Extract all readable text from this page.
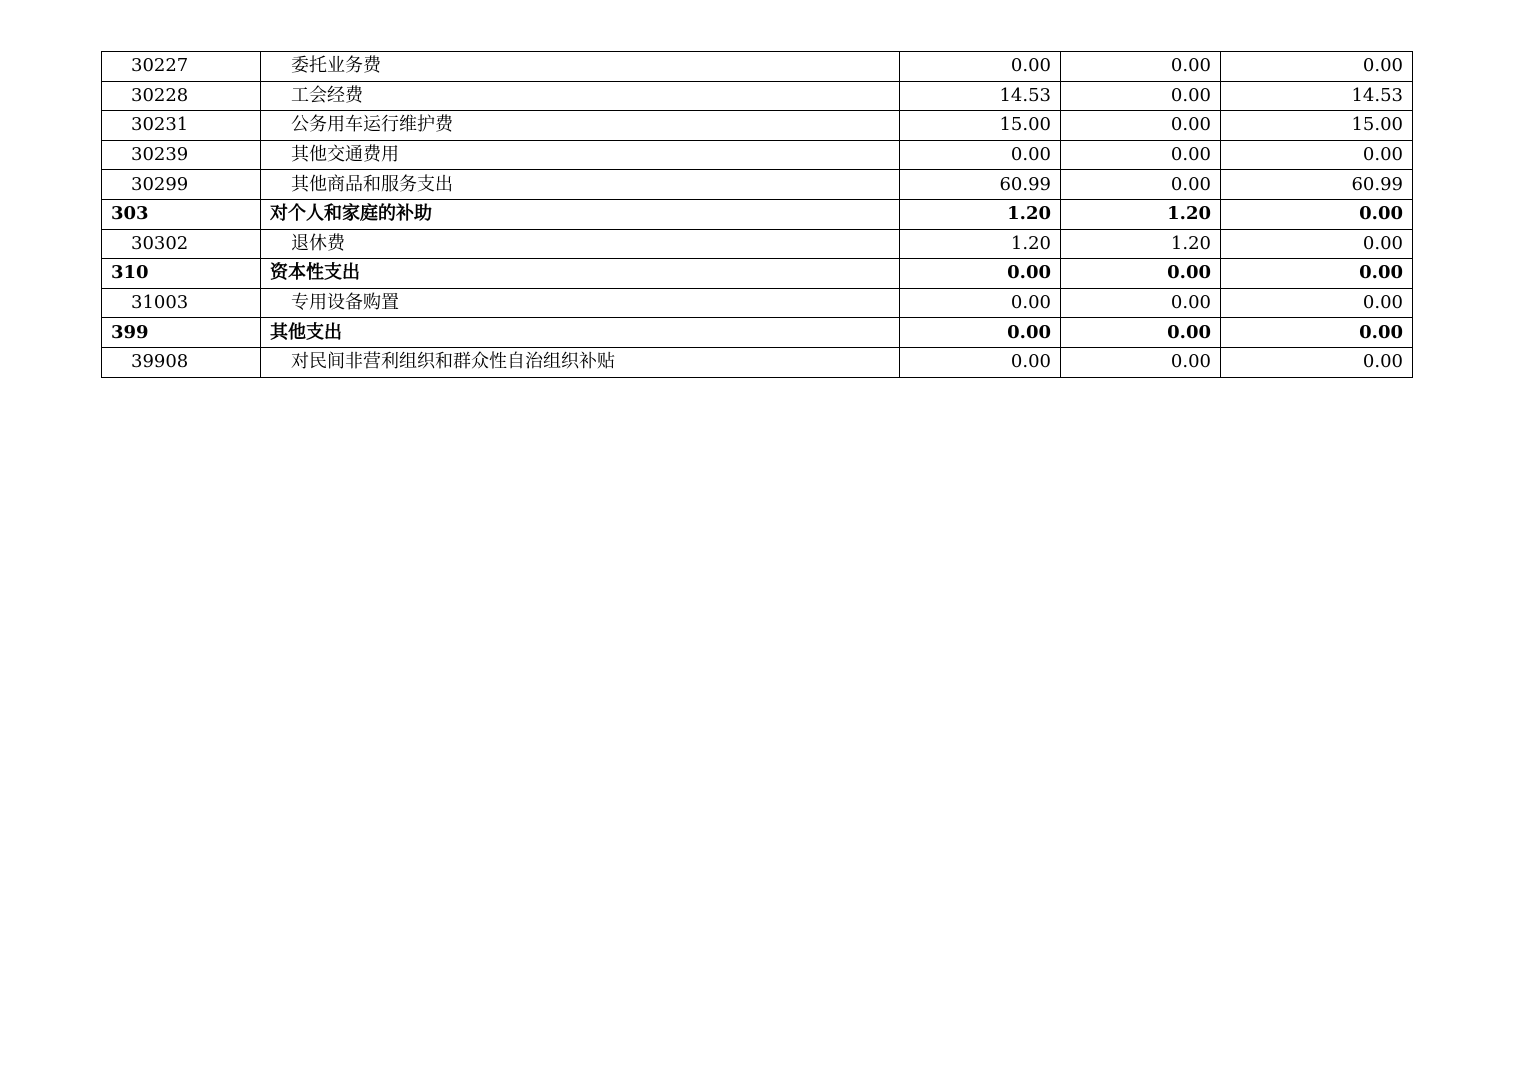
30227	委托业务费	0.00	0.00	0.00
30228	工会经费	14.53	0.00	14.53
30231	公务用车运行维护费	15.00	0.00	15.00
30239	其他交通费用	0.00	0.00	0.00
30299	其他商品和服务支出	60.99	0.00	60.99
303	对个人和家庭的补助	1.20	1.20	0.00
30302	退休费	1.20	1.20	0.00
310	资本性支出	0.00	0.00	0.00
31003	专用设备购置	0.00	0.00	0.00
399	其他支出	0.00	0.00	0.00
39908	对民间非营利组织和群众性自治组织补贴	0.00	0.00	0.00
